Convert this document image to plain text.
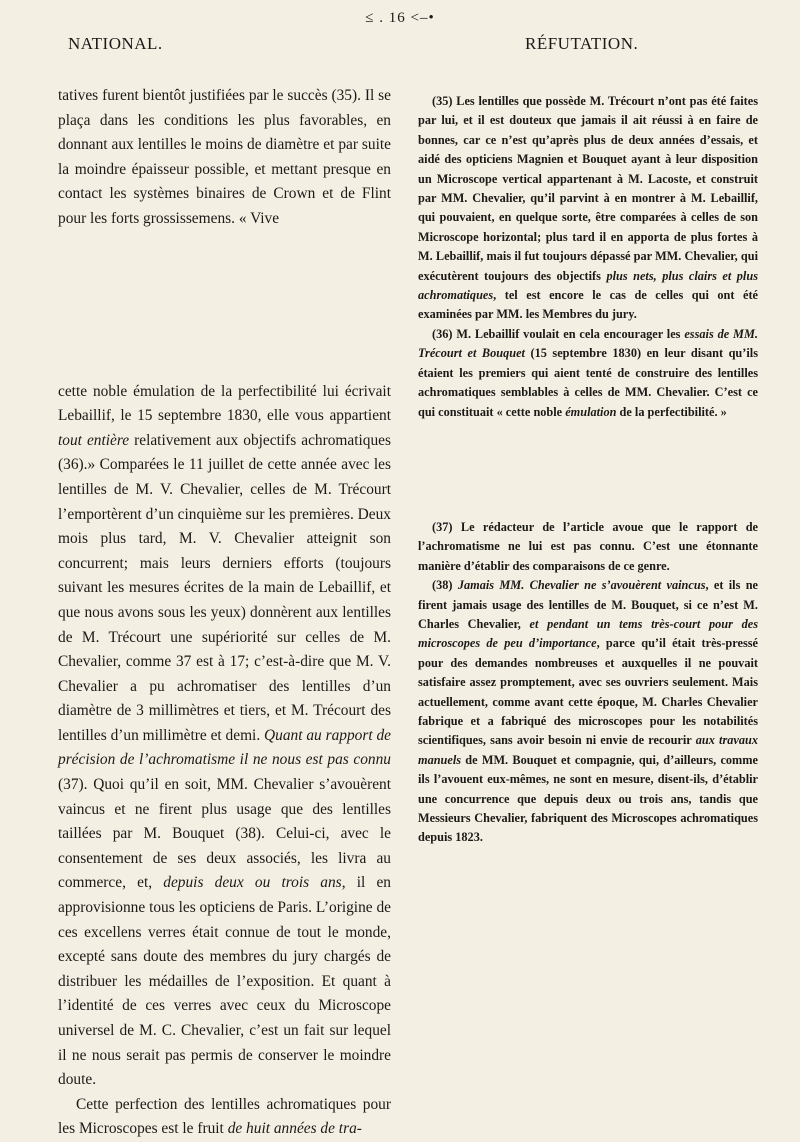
≤ . 16 <–•
NATIONAL.	RÉFUTATION.

tatives furent bientôt justifiées par le succès (35). Il se plaça dans les conditions les plus favorables, en donnant aux lentilles le moins de diamètre et par suite la moindre épaisseur possible, et mettant presque en contact les systèmes binaires de Crown et de Flint pour les forts grossissemens. « Vive

cette noble émulation de la perfectibilité lui écrivait Lebaillif, le 15 septembre 1830, elle vous appartient tout entière relativement aux objectifs achromatiques (36).» Comparées le 11 juillet de cette année avec les lentilles de M. V. Chevalier, celles de M. Trécourt l’emportèrent d’un cinquième sur les premières. Deux mois plus tard, M. V. Chevalier atteignit son concurrent; mais leurs derniers efforts (toujours suivant les mesures écrites de la main de Lebaillif, et que nous avons sous les yeux) donnèrent aux lentilles de M. Trécourt une supériorité sur celles de M. Chevalier, comme 37 est à 17; c’est-à-dire que M. V. Chevalier a pu achromatiser des lentilles d’un diamètre de 3 millimètres et tiers, et M. Trécourt des lentilles d’un millimètre et demi. Quant au rapport de précision de l’achromatisme il ne nous est pas connu (37). Quoi qu’il en soit, MM. Chevalier s’avouèrent vaincus et ne firent plus usage que des lentilles taillées par M. Bouquet (38). Celui-ci, avec le consentement de ses deux associés, les livra au commerce, et, depuis deux ou trois ans, il en approvisionne tous les opticiens de Paris. L’origine de ces excellens verres était connue de tout le monde, excepté sans doute des membres du jury chargés de distribuer les médailles de l’exposition. Et quant à l’identité de ces verres avec ceux du Microscope universel de M. C. Chevalier, c’est un fait sur lequel il ne nous serait pas permis de conserver le moindre doute.

Cette perfection des lentilles achromatiques pour les Microscopes est le fruit de huit années de tra-

(35) Les lentilles que possède M. Trécourt n’ont pas été faites par lui, et il est douteux que jamais il ait réussi à en faire de bonnes, car ce n’est qu’après plus de deux années d’essais, et aidé des opticiens Magnien et Bouquet ayant à leur disposition un Microscope vertical appartenant à M. Lacoste, et construit par MM. Chevalier, qu’il parvint à en montrer à M. Lebaillif, qui pouvaient, en quelque sorte, être comparées à celles de son Microscope horizontal; plus tard il en apporta de plus fortes à M. Lebaillif, mais il fut toujours dépassé par MM. Chevalier, qui exécutèrent toujours des objectifs plus nets, plus clairs et plus achromatiques, tel est encore le cas de celles qui ont été examinées par MM. les Membres du jury.

(36) M. Lebaillif voulait en cela encourager les essais de MM. Trécourt et Bouquet (15 septembre 1830) en leur disant qu’ils étaient les premiers qui aient tenté de construire des lentilles achromatiques semblables à celles de MM. Chevalier. C’est ce qui constituait « cette noble émulation de la perfectibilité. »

(37) Le rédacteur de l’article avoue que le rapport de l’achromatisme ne lui est pas connu. C’est une étonnante manière d’établir des comparaisons de ce genre.

(38) Jamais MM. Chevalier ne s’avouèrent vaincus, et ils ne firent jamais usage des lentilles de M. Bouquet, si ce n’est M. Charles Chevalier, et pendant un tems très-court pour des microscopes de peu d’importance, parce qu’il était très-pressé pour des demandes nombreuses et auxquelles il ne pouvait satisfaire assez promptement, avec ses ouvriers seulement. Mais actuellement, comme avant cette époque, M. Charles Chevalier fabrique et a fabriqué des microscopes pour les notabilités scientifiques, sans avoir besoin ni envie de recourir aux travaux manuels de MM. Bouquet et compagnie, qui, d’ailleurs, comme ils l’avouent eux-mêmes, ne sont en mesure, disent-ils, d’établir une concurrence que depuis deux ou trois ans, tandis que Messieurs Chevalier, fabriquent des Microscopes achromatiques depuis 1823.
